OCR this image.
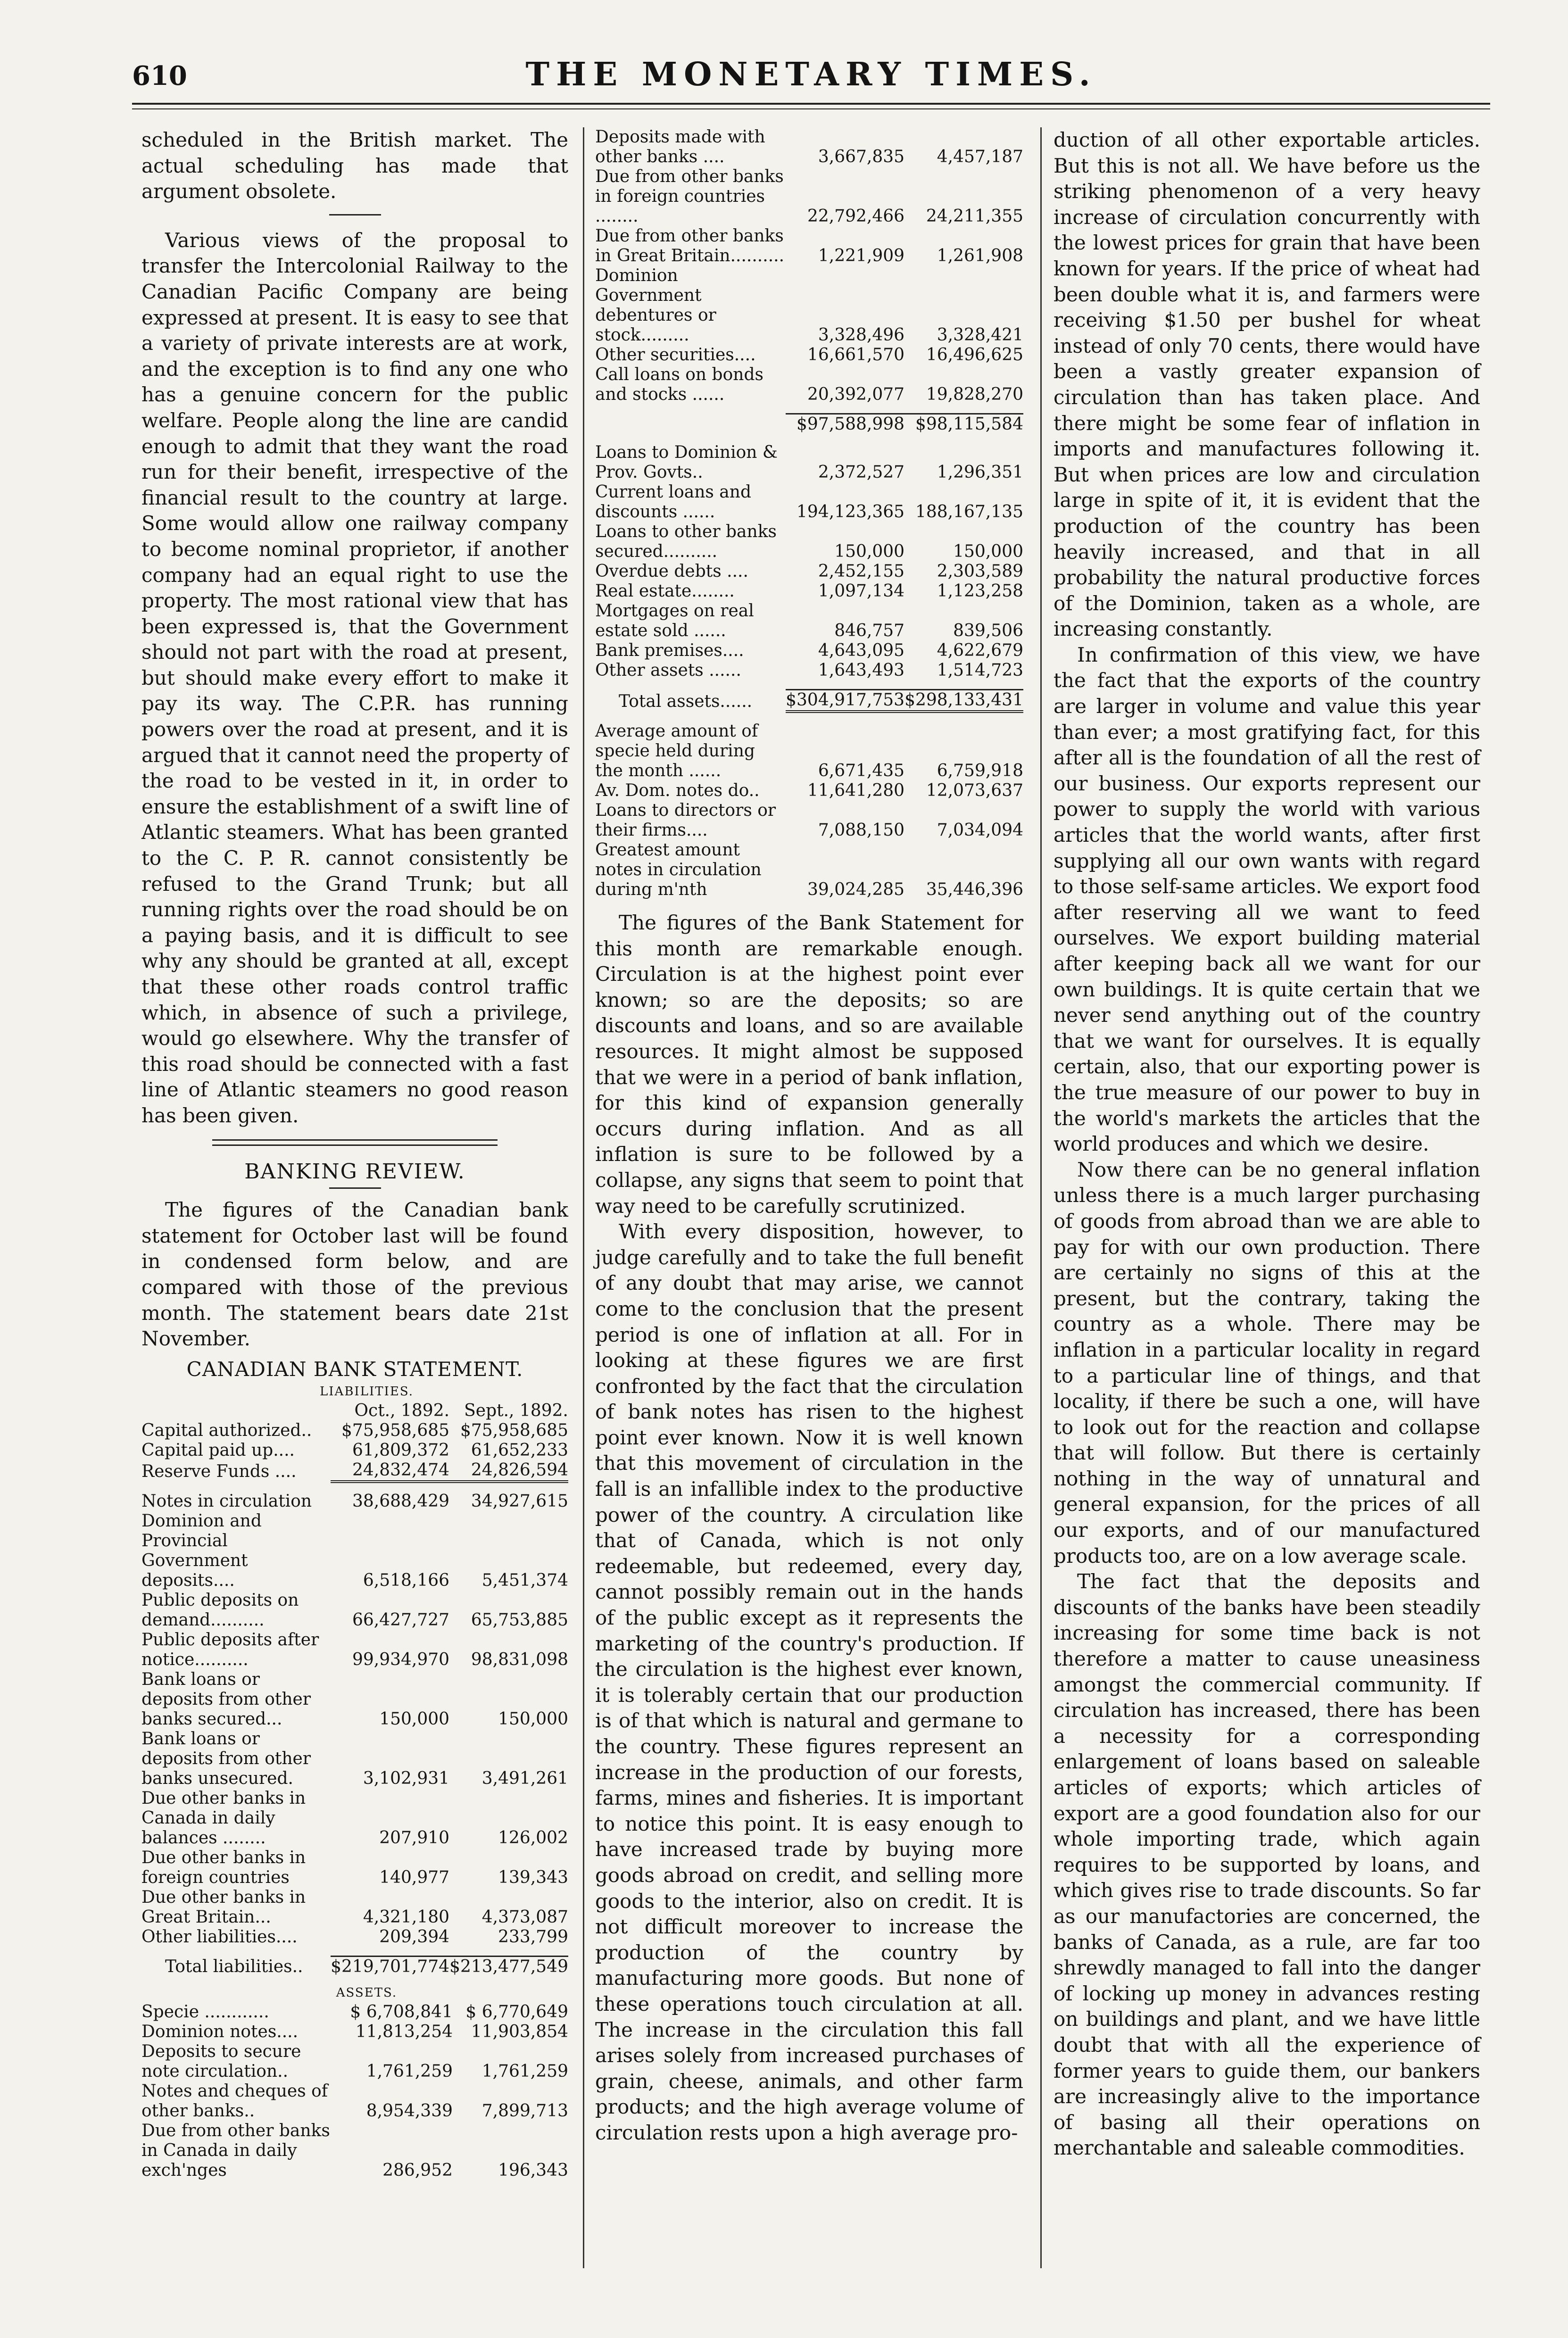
610	THE MONETARY TIMES.

scheduled in the British market. The actual scheduling has made that argument obsolete.

Various views of the proposal to transfer the Intercolonial Railway to the Canadian Pacific Company are being expressed at present. It is easy to see that a variety of private interests are at work, and the exception is to find any one who has a genuine concern for the public welfare. People along the line are candid enough to admit that they want the road run for their benefit, irrespective of the financial result to the country at large. Some would allow one railway company to become nominal proprietor, if another company had an equal right to use the property. The most rational view that has been expressed is, that the Government should not part with the road at present, but should make every effort to make it pay its way. The C.P.R. has running powers over the road at present, and it is argued that it cannot need the property of the road to be vested in it, in order to ensure the establishment of a swift line of Atlantic steamers. What has been granted to the C. P. R. cannot consistently be refused to the Grand Trunk; but all running rights over the road should be on a paying basis, and it is difficult to see why any should be granted at all, except that these other roads control traffic which, in absence of such a privilege, would go elsewhere. Why the transfer of this road should be connected with a fast line of Atlantic steamers no good reason has been given.

BANKING REVIEW.

The figures of the Canadian bank statement for October last will be found in condensed form below, and are compared with those of the previous month. The statement bears date 21st November.

CANADIAN BANK STATEMENT.

LIABILITIES.

	Oct., 1892.	Sept., 1892.
Capital authorized..	$75,958,685	$75,958,685
Capital paid up....	61,809,372	61,652,233
Reserve Funds ....	24,832,474	24,826,594

Notes in circulation	38,688,429	34,927,615
Dominion and Provincial Government deposits....	6,518,166	5,451,374
Public deposits on demand..........	66,427,727	65,753,885
Public deposits after notice..........	99,934,970	98,831,098
Bank loans or deposits from other banks secured...	150,000	150,000
Bank loans or deposits from other banks unsecured.	3,102,931	3,491,261
Due other banks in Canada in daily balances ........	207,910	126,002
Due other banks in foreign countries	140,977	139,343
Due other banks in Great Britain...	4,321,180	4,373,087
Other liabilities....	209,394	233,799

Total liabilities..	$219,701,774	$213,477,549

ASSETS.

Specie ............	$ 6,708,841	$ 6,770,649
Dominion notes....	11,813,254	11,903,854
Deposits to secure note circulation..	1,761,259	1,761,259
Notes and cheques of other banks..	8,954,339	7,899,713
Due from other banks in Canada in daily exch'nges	286,952	196,343
Deposits made with other banks ....	3,667,835	4,457,187
Due from other banks in foreign countries ........	22,792,466	24,211,355
Due from other banks in Great Britain..........	1,221,909	1,261,908
Dominion Government debentures or stock.........	3,328,496	3,328,421
Other securities....	16,661,570	16,496,625
Call loans on bonds and stocks ......	20,392,077	19,828,270

	$97,588,998	$98,115,584

Loans to Dominion & Prov. Govts..	2,372,527	1,296,351
Current loans and discounts ......	194,123,365	188,167,135
Loans to other banks secured..........	150,000	150,000
Overdue debts ....	2,452,155	2,303,589
Real estate........	1,097,134	1,123,258
Mortgages on real estate sold ......	846,757	839,506
Bank premises....	4,643,095	4,622,679
Other assets ......	1,643,493	1,514,723

Total assets......	$304,917,753	$298,133,431

Average amount of specie held during the month ......	6,671,435	6,759,918
Av. Dom. notes do..	11,641,280	12,073,637
Loans to directors or their firms....	7,088,150	7,034,094
Greatest amount notes in circulation during m'nth	39,024,285	35,446,396

The figures of the Bank Statement for this month are remarkable enough. Circulation is at the highest point ever known; so are the deposits; so are discounts and loans, and so are available resources. It might almost be supposed that we were in a period of bank inflation, for this kind of expansion generally occurs during inflation. And as all inflation is sure to be followed by a collapse, any signs that seem to point that way need to be carefully scrutinized.

With every disposition, however, to judge carefully and to take the full benefit of any doubt that may arise, we cannot come to the conclusion that the present period is one of inflation at all. For in looking at these figures we are first confronted by the fact that the circulation of bank notes has risen to the highest point ever known. Now it is well known that this movement of circulation in the fall is an infallible index to the productive power of the country. A circulation like that of Canada, which is not only redeemable, but redeemed, every day, cannot possibly remain out in the hands of the public except as it represents the marketing of the country's production. If the circulation is the highest ever known, it is tolerably certain that our production is of that which is natural and germane to the country. These figures represent an increase in the production of our forests, farms, mines and fisheries. It is important to notice this point. It is easy enough to have increased trade by buying more goods abroad on credit, and selling more goods to the interior, also on credit. It is not difficult moreover to increase the production of the country by manufacturing more goods. But none of these operations touch circulation at all. The increase in the circulation this fall arises solely from increased purchases of grain, cheese, animals, and other farm products; and the high average volume of circulation rests upon a high average pro-

duction of all other exportable articles. But this is not all. We have before us the striking phenomenon of a very heavy increase of circulation concurrently with the lowest prices for grain that have been known for years. If the price of wheat had been double what it is, and farmers were receiving $1.50 per bushel for wheat instead of only 70 cents, there would have been a vastly greater expansion of circulation than has taken place. And there might be some fear of inflation in imports and manufactures following it. But when prices are low and circulation large in spite of it, it is evident that the production of the country has been heavily increased, and that in all probability the natural productive forces of the Dominion, taken as a whole, are increasing constantly.

In confirmation of this view, we have the fact that the exports of the country are larger in volume and value this year than ever; a most gratifying fact, for this after all is the foundation of all the rest of our business. Our exports represent our power to supply the world with various articles that the world wants, after first supplying all our own wants with regard to those self-same articles. We export food after reserving all we want to feed ourselves. We export building material after keeping back all we want for our own buildings. It is quite certain that we never send anything out of the country that we want for ourselves. It is equally certain, also, that our exporting power is the true measure of our power to buy in the world's markets the articles that the world produces and which we desire.

Now there can be no general inflation unless there is a much larger purchasing of goods from abroad than we are able to pay for with our own production. There are certainly no signs of this at the present, but the contrary, taking the country as a whole. There may be inflation in a particular locality in regard to a particular line of things, and that locality, if there be such a one, will have to look out for the reaction and collapse that will follow. But there is certainly nothing in the way of unnatural and general expansion, for the prices of all our exports, and of our manufactured products too, are on a low average scale.

The fact that the deposits and discounts of the banks have been steadily increasing for some time back is not therefore a matter to cause uneasiness amongst the commercial community. If circulation has increased, there has been a necessity for a corresponding enlargement of loans based on saleable articles of exports; which articles of export are a good foundation also for our whole importing trade, which again requires to be supported by loans, and which gives rise to trade discounts. So far as our manufactories are concerned, the banks of Canada, as a rule, are far too shrewdly managed to fall into the danger of locking up money in advances resting on buildings and plant, and we have little doubt that with all the experience of former years to guide them, our bankers are increasingly alive to the importance of basing all their operations on merchantable and saleable commodities.
